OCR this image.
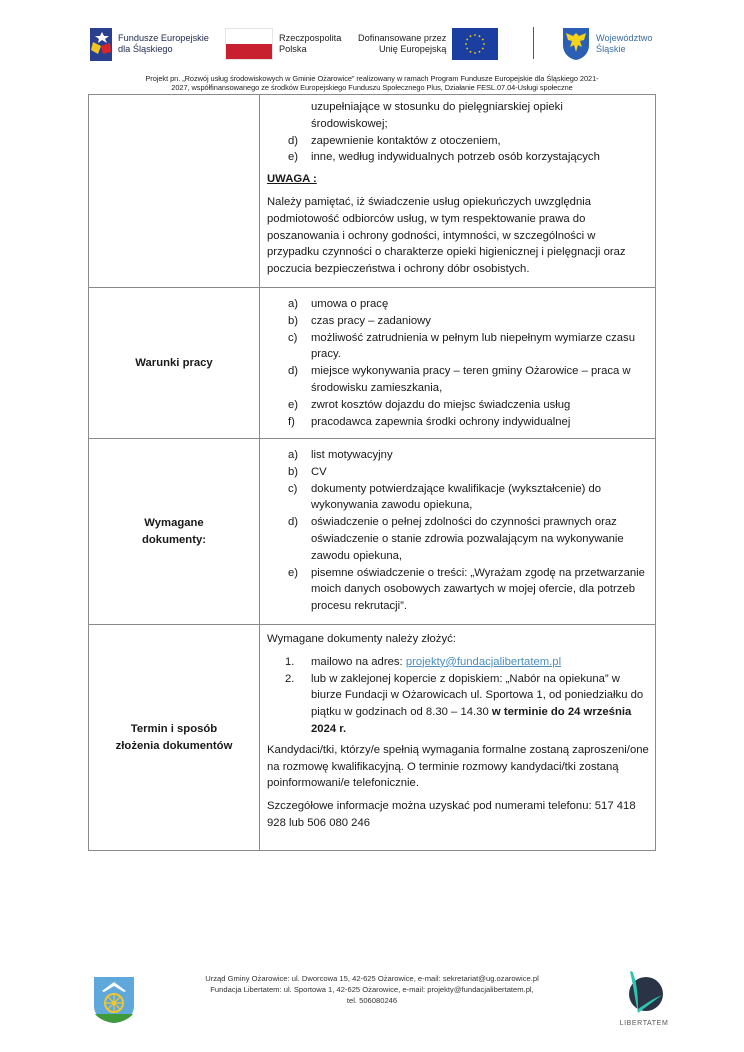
Fundusze Europejskie
dla Śląskiego
Rzeczpospolita
Polska
Dofinansowane przez
Unię Europejską
Województwo
Śląskie
Projekt pn. „Rozwój usług środowiskowych w Gminie Ożarowice” realizowany w ramach Program Fundusze Europejskie dla Śląskiego 2021-
2027, współfinansowanego ze środków Europejskiego Funduszu Społecznego Plus, Działanie FESL.07.04-Usługi społeczne

uzupełniające w stosunku do pielęgniarskiej opieki
środowiskowej;
d) zapewnienie kontaktów z otoczeniem,
e) inne, według indywidualnych potrzeb osób korzystających
UWAGA :

Należy pamiętać, iż świadczenie usług opiekuńczych uwzględnia podmiotowość odbiorców usług, w tym respektowanie prawa do poszanowania i ochrony godności, intymności, w szczególności w przypadku czynności o charakterze opieki higienicznej i pielęgnacji oraz poczucia bezpieczeństwa i ochrony dóbr osobistych.

Warunki pracy	
a) umowa o pracę
b) czas pracy – zadaniowy
c) możliwość zatrudnienia w pełnym lub niepełnym wymiarze czasu pracy.
d) miejsce wykonywania pracy – teren gminy Ożarowice – praca w środowisku zamieszkania,
e) zwrot kosztów dojazdu do miejsc świadczenia usług
f) pracodawca zapewnia środki ochrony indywidualnej

Wymagane
dokumenty:

a) list motywacyjny
b) CV
c) dokumenty potwierdzające kwalifikacje (wykształcenie) do wykonywania zawodu opiekuna,
d) oświadczenie o pełnej zdolności do czynności prawnych oraz oświadczenie o stanie zdrowia pozwalającym na wykonywanie zawodu opiekuna,
e) pisemne oświadczenie o treści: „Wyrażam zgodę na przetwarzanie moich danych osobowych zawartych w mojej ofercie, dla potrzeb procesu rekrutacji”.

Termin i sposób
złożenia dokumentów

Wymagane dokumenty należy złożyć:

1. mailowo na adres: projekty@fundacjalibertatem.pl
2. lub w zaklejonej kopercie z dopiskiem: „Nabór na opiekuna” w biurze Fundacji w Ożarowicach ul. Sportowa 1, od poniedziałku do piątku w godzinach od 8.30 – 14.30 w terminie do 24 września 2024 r.

Kandydaci/tki, którzy/e spełnią wymagania formalne zostaną zaproszeni/one na rozmowę kwalifikacyjną. O terminie rozmowy kandydaci/tki zostaną poinformowani/e telefonicznie.

Szczegółowe informacje można uzyskać pod numerami telefonu: 517 418 928 lub 506 080 246

Urząd Gminy Ożarowice: ul. Dworcowa 15, 42-625 Ożarowice, e-mail: sekretariat@ug.ozarowice.pl
Fundacja Libertatem: ul. Sportowa 1, 42-625 Ożarowice, e-mail: projekty@fundacjalibertatem.pl,
tel. 506080246
LIBERTATEM
